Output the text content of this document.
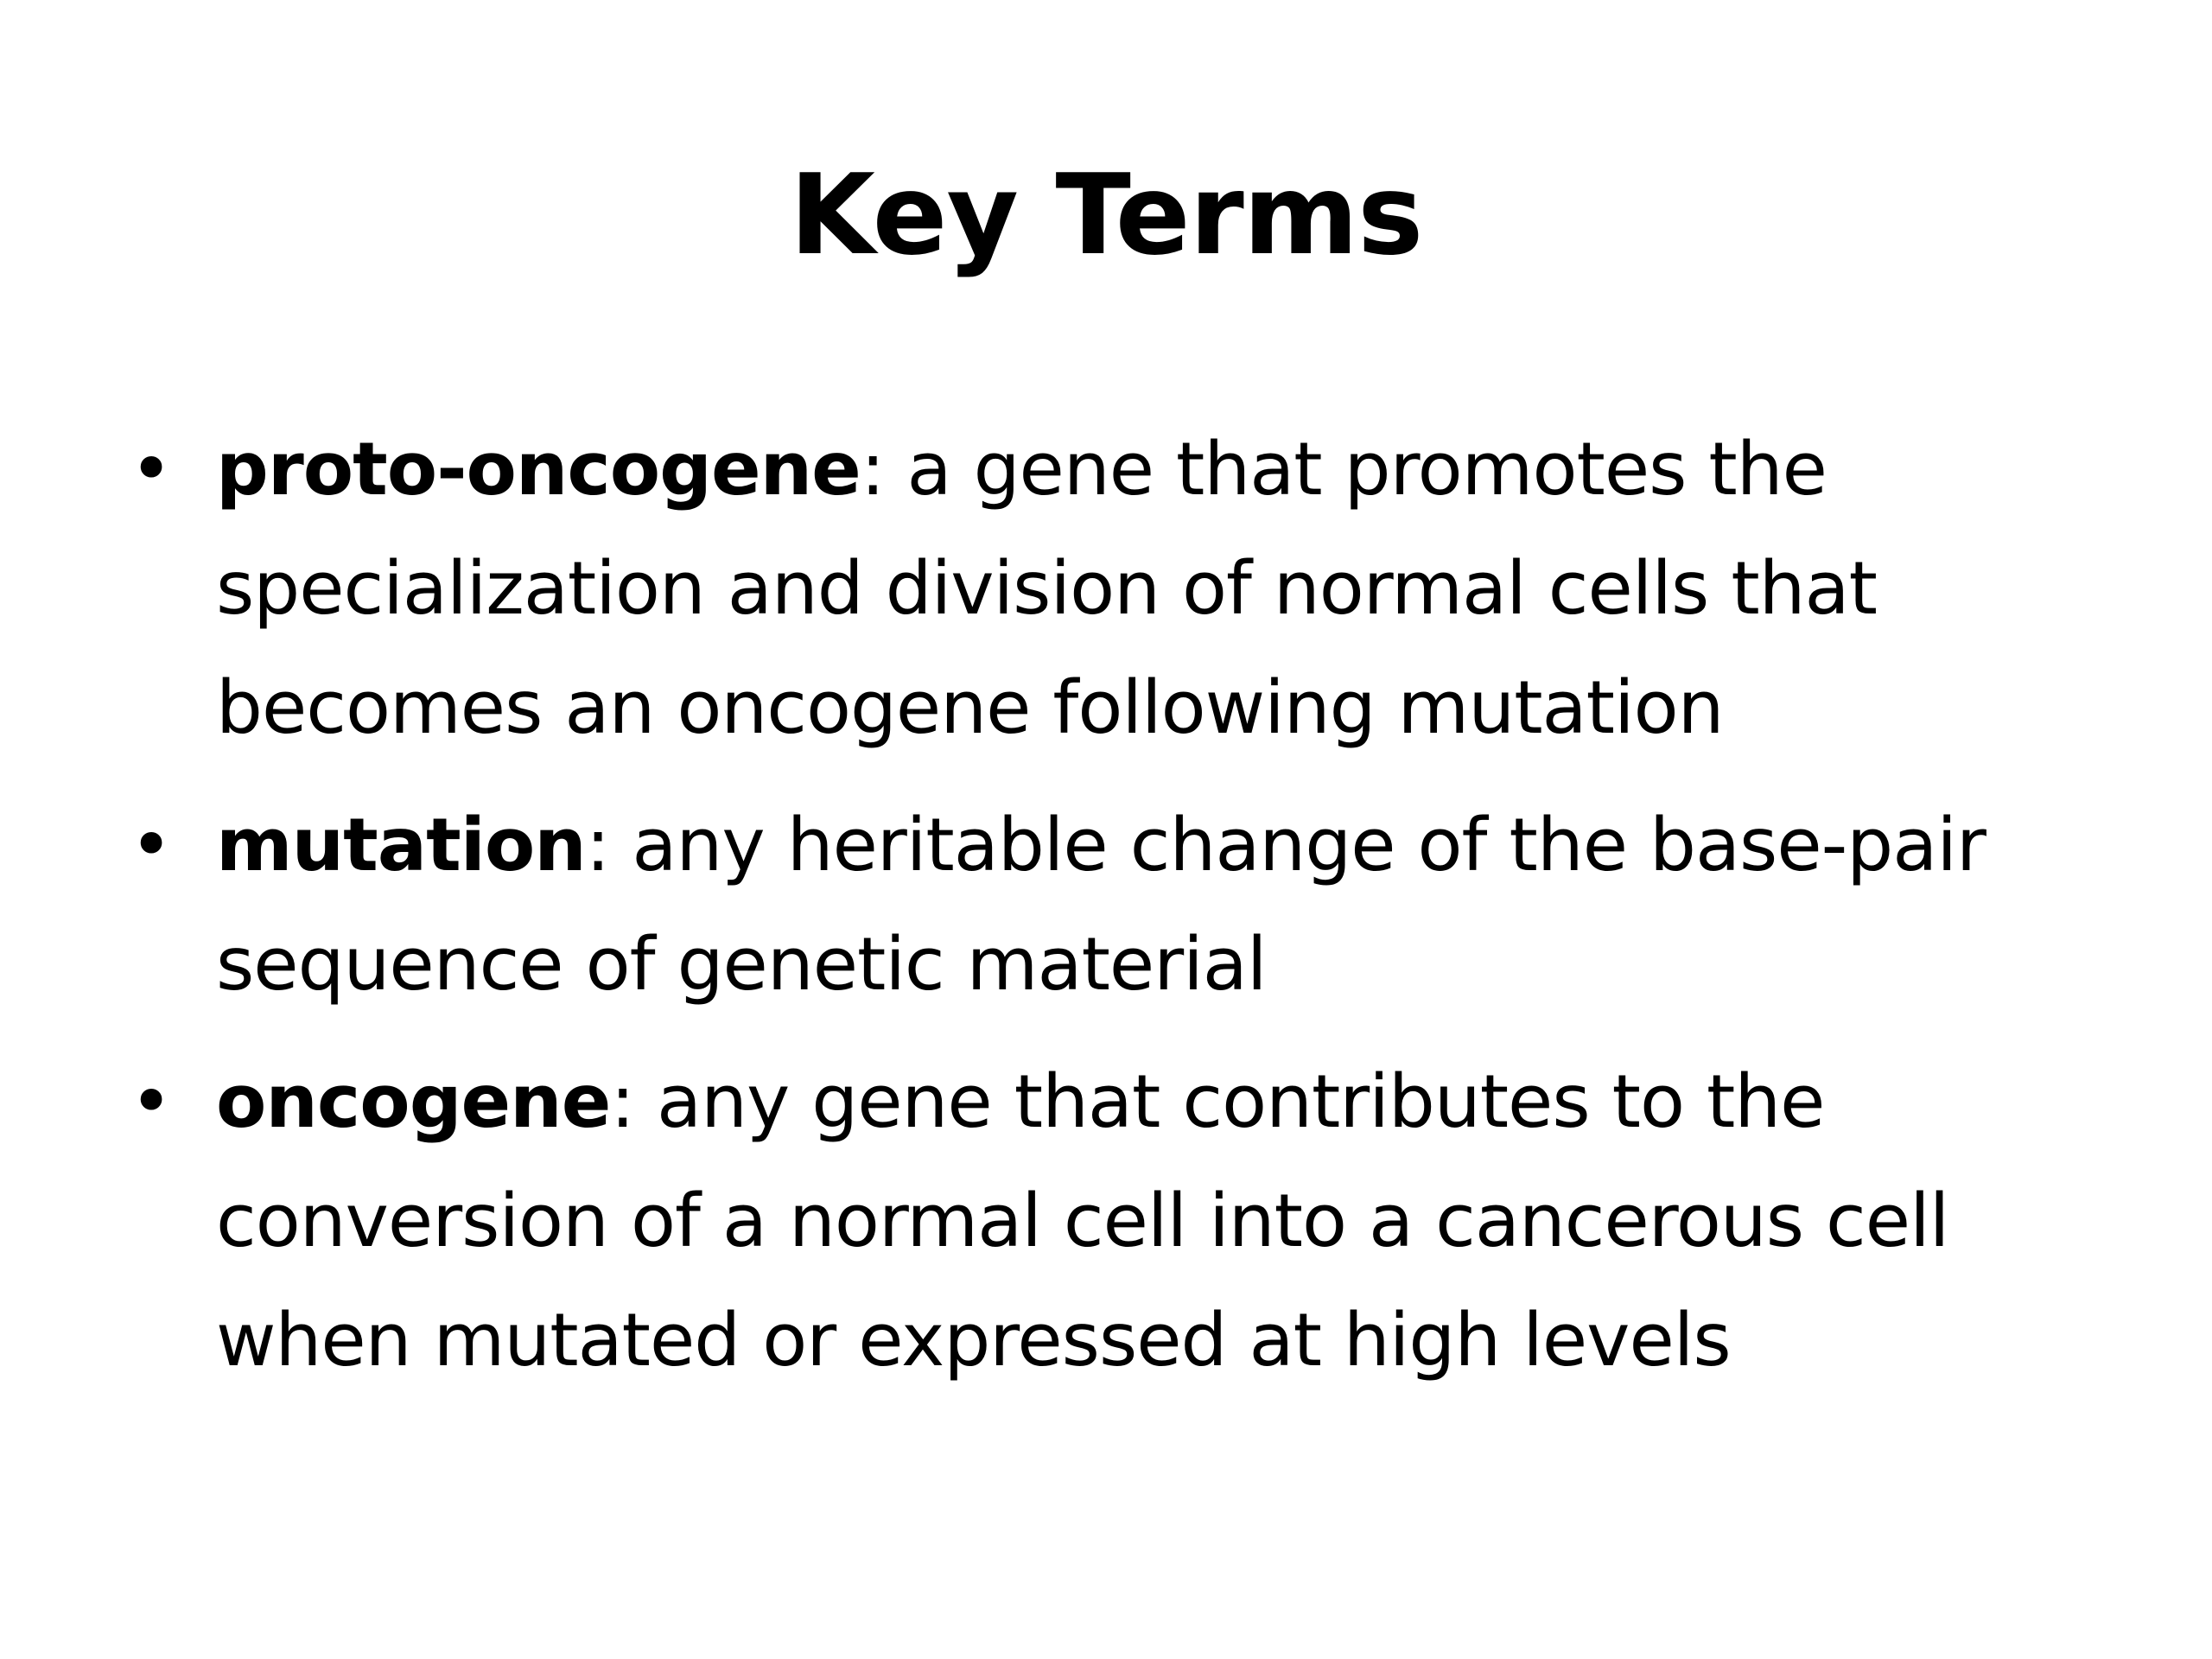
Key Terms
• proto-oncogene: a gene that promotes the specialization and division of normal cells that becomes an oncogene following mutation
• mutation: any heritable change of the base-pair sequence of genetic material
• oncogene: any gene that contributes to the conversion of a normal cell into a cancerous cell when mutated or expressed at high levels
